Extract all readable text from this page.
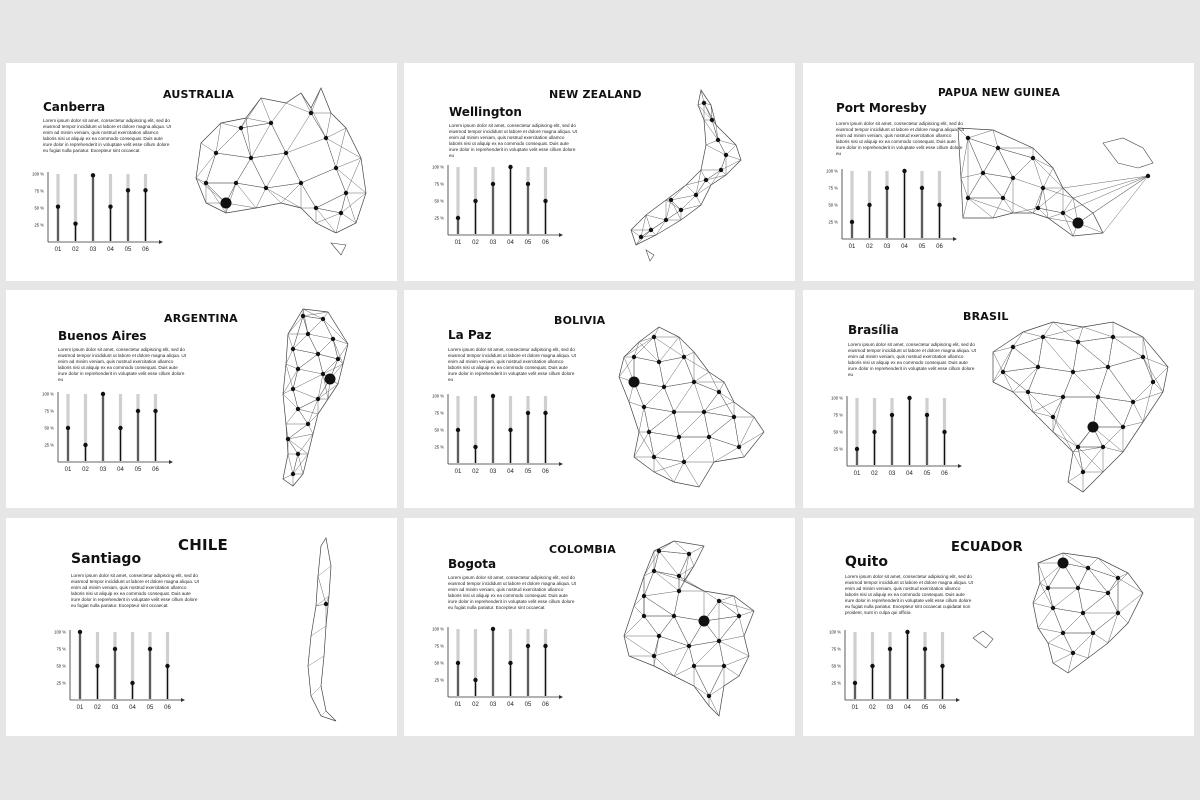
AUSTRALIA
Canberra
Lorem ipsum dolor sit amet, consectetur adipiscing elit, sed do eiusmod tempor incididunt ut labore et dolore magna aliqua. Ut enim ad minim veniam, quis nostrud exercitation ullamco laboris nisi ut aliquip ex ea commodo consequat. Duis aute irure dolor in reprehenderit in voluptate velit esse cillum dolore eu fugiat nulla pariatur. Excepteur sint occaecat
100 %
75 %
50 %
25 %
01 02 03 04 05 06
NEW ZEALAND
Wellington
Lorem ipsum dolor sit amet, consectetur adipiscing elit, sed do eiusmod tempor incididunt ut labore et dolore magna aliqua. Ut enim ad minim veniam, quis nostrud exercitation ullamco laboris nisi ut aliquip ex ea commodo consequat. Duis aute irure dolor in reprehenderit in voluptate velit esse cillum dolore eu
100 %
75 %
50 %
25 %
01 02 03 04 05 06
PAPUA NEW GUINEA
Port Moresby
Lorem ipsum dolor sit amet, consectetur adipiscing elit, sed do eiusmod tempor incididunt ut labore et dolore magna aliqua. Ut enim ad minim veniam, quis nostrud exercitation ullamco laboris nisi ut aliquip ex ea commodo consequat. Duis aute irure dolor in reprehenderit in voluptate velit esse cillum dolore eu
100 %
75 %
50 %
25 %
01 02 03 04 05 06
ARGENTINA
Buenos Aires
Lorem ipsum dolor sit amet, consectetur adipiscing elit, sed do eiusmod tempor incididunt ut labore et dolore magna aliqua. Ut enim ad minim veniam, quis nostrud exercitation ullamco laboris nisi ut aliquip ex ea commodo consequat. Duis aute irure dolor in reprehenderit in voluptate velit esse cillum dolore eu
100 %
75 %
50 %
25 %
01 02 03 04 05 06
BOLIVIA
La Paz
Lorem ipsum dolor sit amet, consectetur adipiscing elit, sed do eiusmod tempor incididunt ut labore et dolore magna aliqua. Ut enim ad minim veniam, quis nostrud exercitation ullamco laboris nisi ut aliquip ex ea commodo consequat. Duis aute irure dolor in reprehenderit in voluptate velit esse cillum dolore eu
100 %
75 %
50 %
25 %
01 02 03 04 05 06
BRASIL
Brasília
Lorem ipsum dolor sit amet, consectetur adipiscing elit, sed do eiusmod tempor incididunt ut labore et dolore magna aliqua. Ut enim ad minim veniam, quis nostrud exercitation ullamco laboris nisi ut aliquip ex ea commodo consequat. Duis aute irure dolor in reprehenderit in voluptate velit esse cillum dolore eu
100 %
75 %
50 %
25 %
01 02 03 04 05 06
CHILE
Santiago
Lorem ipsum dolor sit amet, consectetur adipiscing elit, sed do eiusmod tempor incididunt ut labore et dolore magna aliqua. Ut enim ad minim veniam, quis nostrud exercitation ullamco laboris nisi ut aliquip ex ea commodo consequat. Duis aute irure dolor in reprehenderit in voluptate velit esse cillum dolore eu fugiat nulla pariatur. Excepteur sint occaecat
100 %
75 %
50 %
25 %
01 02 03 04 05 06
COLOMBIA
Bogota
Lorem ipsum dolor sit amet, consectetur adipiscing elit, sed do eiusmod tempor incididunt ut labore et dolore magna aliqua. Ut enim ad minim veniam, quis nostrud exercitation ullamco laboris nisi ut aliquip ex ea commodo consequat. Duis aute irure dolor in reprehenderit in voluptate velit esse cillum dolore eu fugiat nulla pariatur. Excepteur sint occaecat
100 %
75 %
50 %
25 %
01 02 03 04 05 06
ECUADOR
Quito
Lorem ipsum dolor sit amet, consectetur adipiscing elit, sed do eiusmod tempor incididunt ut labore et dolore magna aliqua. Ut enim ad minim veniam, quis nostrud exercitation ullamco laboris nisi ut aliquip ex ea commodo consequat. Duis aute irure dolor in reprehenderit in voluptate velit esse cillum dolore eu fugiat nulla pariatur. Excepteur sint occaecat cupidatat non proident, sunt in culpa qui officia
100 %
75 %
50 %
25 %
01 02 03 04 05 06
